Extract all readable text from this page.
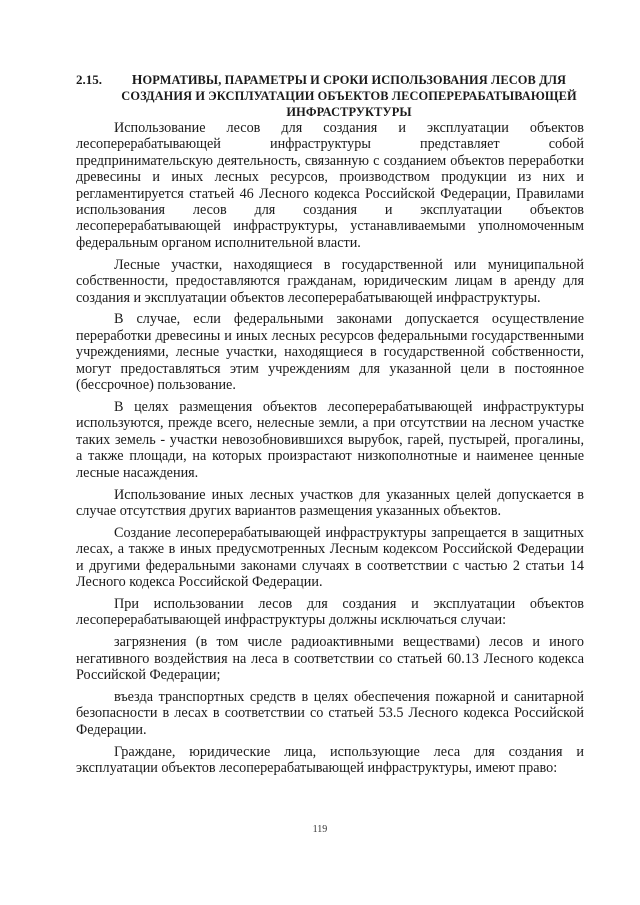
2.15.	НОРМАТИВЫ, ПАРАМЕТРЫ И СРОКИ ИСПОЛЬЗОВАНИЯ ЛЕСОВ ДЛЯ СОЗДАНИЯ И ЭКСПЛУАТАЦИИ ОБЪЕКТОВ ЛЕСОПЕРЕРАБАТЫВАЮЩЕЙ ИНФРАСТРУКТУРЫ

Использование лесов для создания и эксплуатации объектов лесоперерабатывающей инфраструктуры представляет собой предпринимательскую деятельность, связанную с созданием объектов переработки древесины и иных лесных ресурсов, производством продукции из них и регламентируется статьей 46 Лесного кодекса Российской Федерации, Правилами использования лесов для создания и эксплуатации объектов лесоперерабатывающей инфраструктуры, устанавливаемыми уполномоченным федеральным органом исполнительной власти.

Лесные участки, находящиеся в государственной или муниципальной собственности, предоставляются гражданам, юридическим лицам в аренду для создания и эксплуатации объектов лесоперерабатывающей инфраструктуры.

В случае, если федеральными законами допускается осуществление переработки древесины и иных лесных ресурсов федеральными государственными учреждениями, лесные участки, находящиеся в государственной собственности, могут предоставляться этим учреждениям для указанной цели в постоянное (бессрочное) пользование.

В целях размещения объектов лесоперерабатывающей инфраструктуры используются, прежде всего, нелесные земли, а при отсутствии на лесном участке таких земель - участки невозобновившихся вырубок, гарей, пустырей, прогалины, а также площади, на которых произрастают низкополнотные и наименее ценные лесные насаждения.

Использование иных лесных участков для указанных целей допускается в случае отсутствия других вариантов размещения указанных объектов.

Создание лесоперерабатывающей инфраструктуры запрещается в защитных лесах, а также в иных предусмотренных Лесным кодексом Российской Федерации и другими федеральными законами случаях в соответствии с частью 2 статьи 14 Лесного кодекса Российской Федерации.

При использовании лесов для создания и эксплуатации объектов лесоперерабатывающей инфраструктуры должны исключаться случаи:

загрязнения (в том числе радиоактивными веществами) лесов и иного негативного воздействия на леса в соответствии со статьей 60.13 Лесного кодекса Российской Федерации;

въезда транспортных средств в целях обеспечения пожарной и санитарной безопасности в лесах в соответствии со статьей 53.5 Лесного кодекса Российской Федерации.

Граждане, юридические лица, использующие леса для создания и эксплуатации объектов лесоперерабатывающей инфраструктуры, имеют право:

119
